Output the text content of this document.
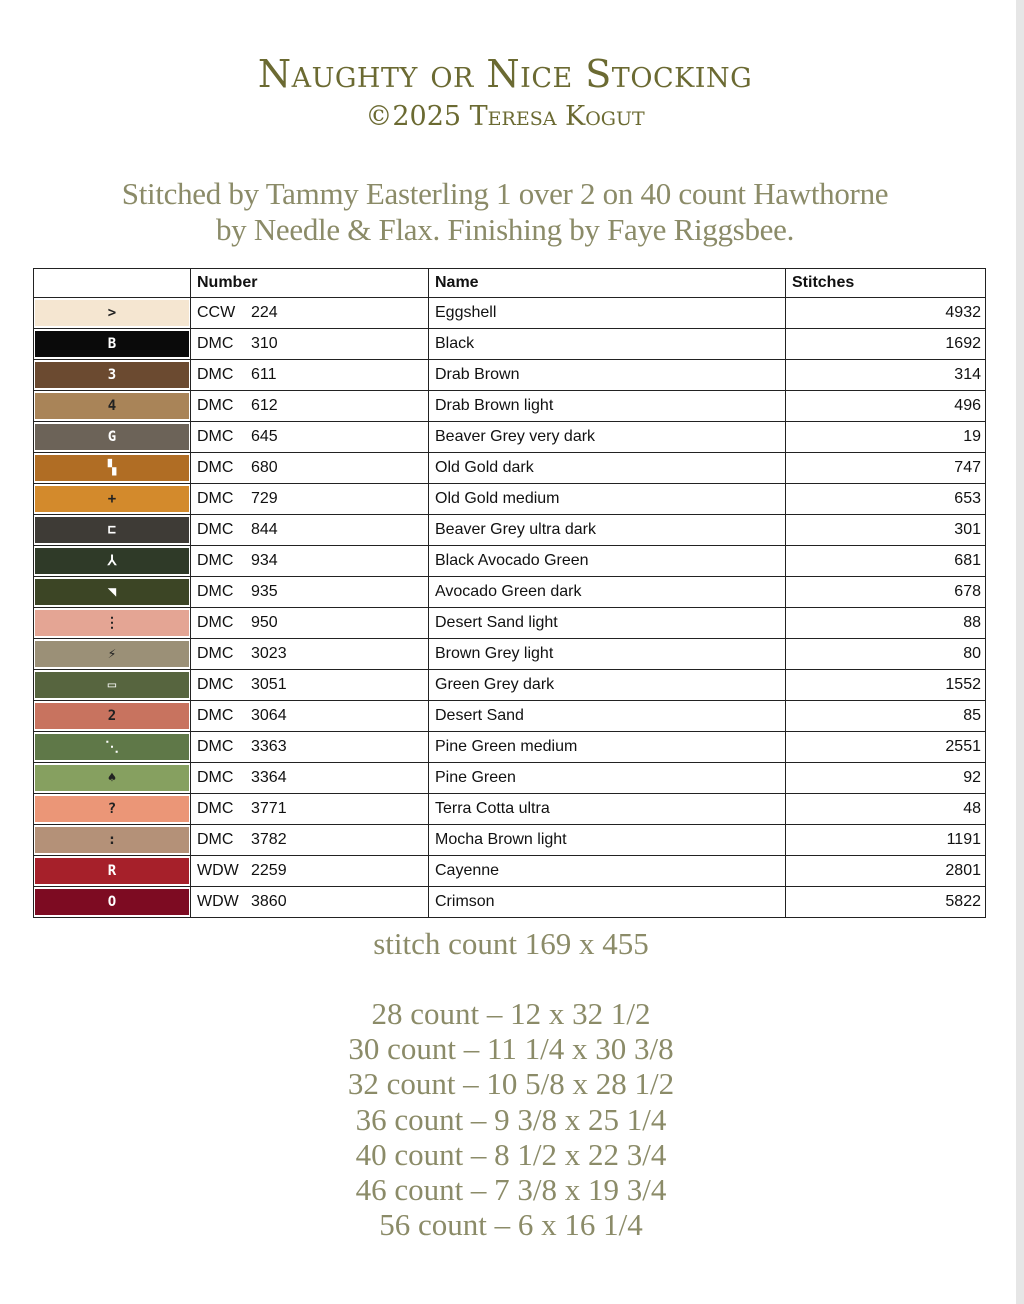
Naughty or Nice Stocking
©2025 Teresa Kogut
Stitched by Tammy Easterling 1 over 2 on 40 count Hawthorne
by Needle & Flax. Finishing by Faye Riggsbee.
	Number	Name	Stitches

>	CCW 224	Eggshell	4932

B	DMC 310	Black	1692

3	DMC 611	Drab Brown	314

4	DMC 612	Drab Brown light	496

G	DMC 645	Beaver Grey very dark	19

▚	DMC 680	Old Gold dark	747

+	DMC 729	Old Gold medium	653

⊏	DMC 844	Beaver Grey ultra dark	301

⅄	DMC 934	Black Avocado Green	681

◥	DMC 935	Avocado Green dark	678

⋮	DMC 950	Desert Sand light	88

⚡	DMC 3023	Brown Grey light	80

▭	DMC 3051	Green Grey dark	1552

2	DMC 3064	Desert Sand	85

⋱	DMC 3363	Pine Green medium	2551

♠	DMC 3364	Pine Green	92

?	DMC 3771	Terra Cotta ultra	48

:	DMC 3782	Mocha Brown light	1191

R	WDW 2259	Cayenne	2801

O	WDW 3860	Crimson	5822
stitch count 169 x 455
28 count – 12 x 32 1/2
30 count – 11 1/4 x 30 3/8
32 count – 10 5/8 x 28 1/2
36 count – 9 3/8 x 25 1/4
40 count – 8 1/2 x 22 3/4
46 count – 7 3/8 x 19 3/4
56 count – 6 x 16 1/4
